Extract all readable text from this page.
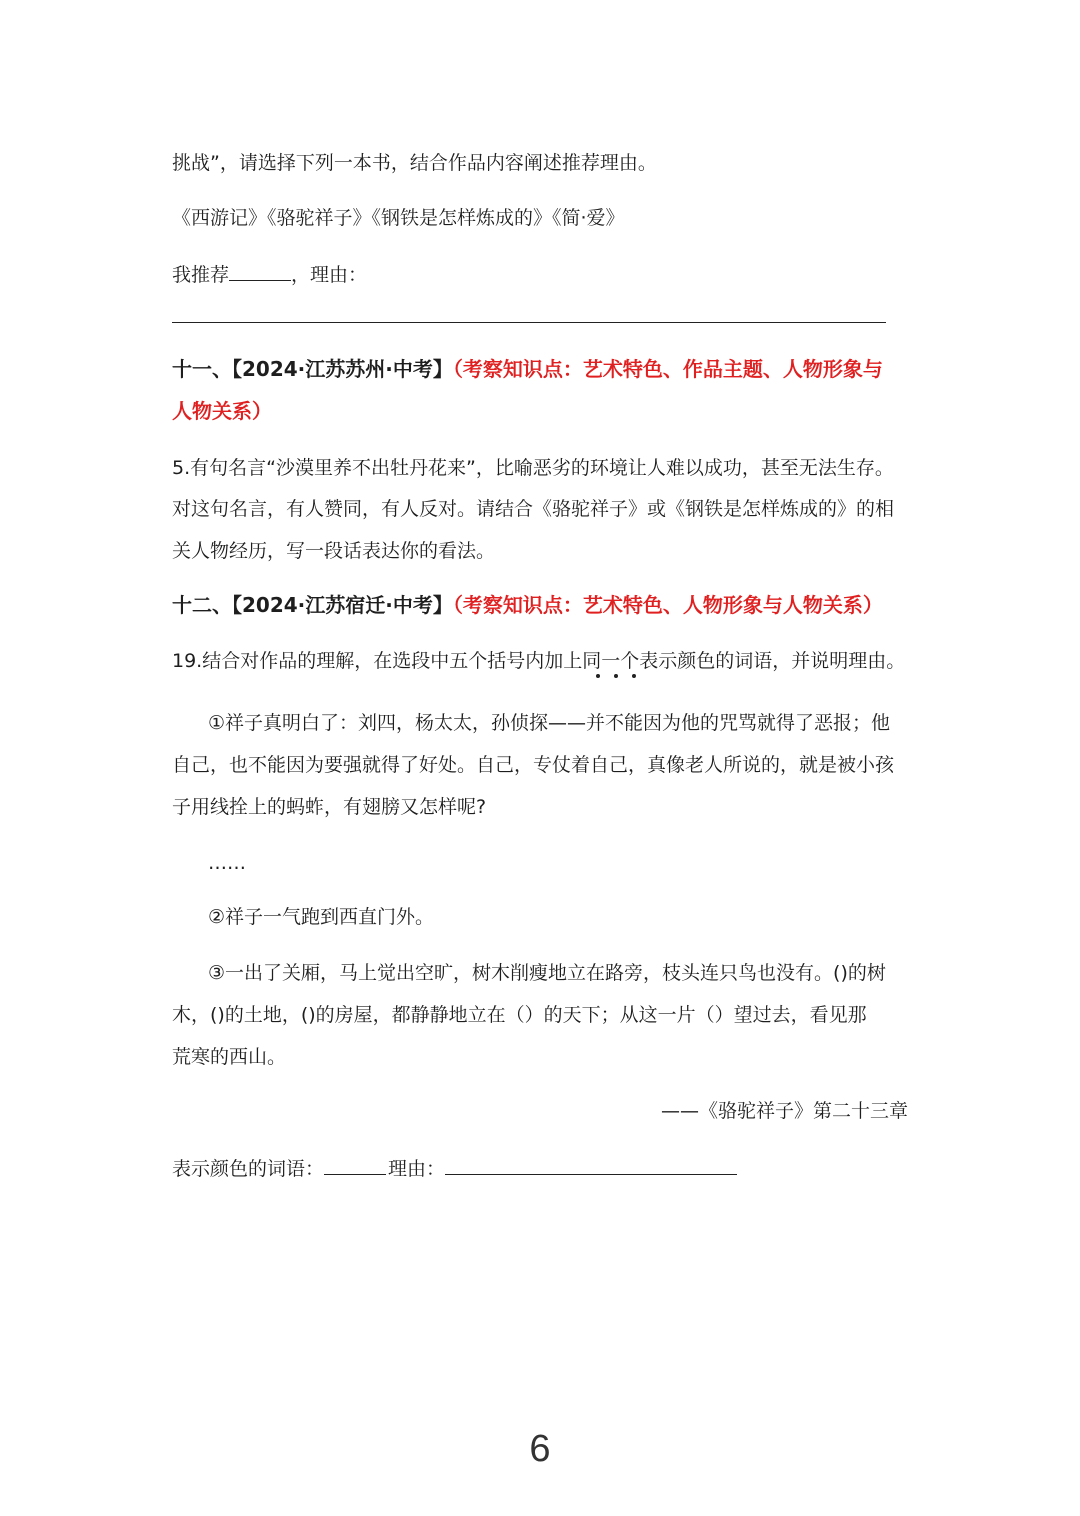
挑战”，请选择下列一本书，结合作品内容阐述推荐理由。
《西游记》《骆驼祥子》《钢铁是怎样炼成的》《简·爱》
我推荐	，理由：
十一、【2024·江苏苏州·中考】（考察知识点：艺术特色、作品主题、人物形象与
人物关系）
5.有句名言“沙漠里养不出牡丹花来”，比喻恶劣的环境让人难以成功，甚至无法生存。
对这句名言，有人赞同，有人反对。请结合《骆驼祥子》或《钢铁是怎样炼成的》的相
关人物经历，写一段话表达你的看法。
十二、【2024·江苏宿迁·中考】（考察知识点：艺术特色、人物形象与人物关系）
19.结合对作品的理解，在选段中五个括号内加上同一个表示颜色的词语，并说明理由。
①祥子真明白了：刘四，杨太太，孙侦探——并不能因为他的咒骂就得了恶报；他
自己，也不能因为要强就得了好处。自己，专仗着自己，真像老人所说的，就是被小孩
子用线拴上的蚂蚱，有翅膀又怎样呢?
……
②祥子一气跑到西直门外。
③一出了关厢，马上觉出空旷，树木削瘦地立在路旁，枝头连只鸟也没有。()的树
木，()的土地，()的房屋，都静静地立在（）的天下；从这一片（）望过去，看见那
荒寒的西山。
——《骆驼祥子》第二十三章
表示颜色的词语：	理由：
6
